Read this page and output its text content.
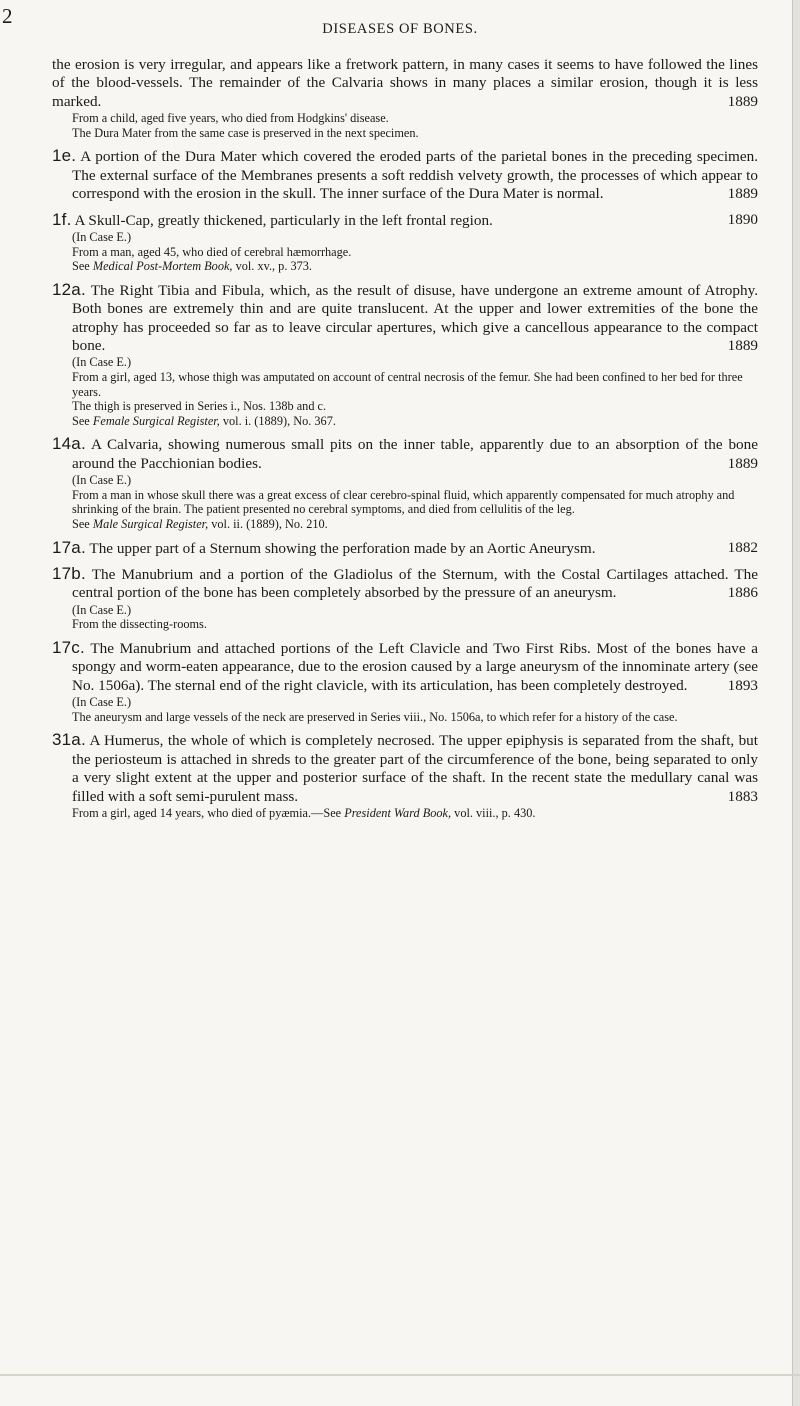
2
DISEASES OF BONES.

the erosion is very irregular, and appears like a fretwork pattern, in many cases it seems to have followed the lines of the blood-vessels. The remainder of the Calvaria shows in many places a similar erosion, though it is less marked.	1889

From a child, aged five years, who died from Hodgkins' disease.
The Dura Mater from the same case is preserved in the next specimen.

1e. A portion of the Dura Mater which covered the eroded parts of the parietal bones in the preceding specimen. The external surface of the Membranes presents a soft reddish velvety growth, the processes of which appear to correspond with the erosion in the skull. The inner surface of the Dura Mater is normal.	1889

1f. A Skull-Cap, greatly thickened, particularly in the left frontal region.	1890

(In Case E.)
From a man, aged 45, who died of cerebral hæmorrhage.
See Medical Post-Mortem Book, vol. xv., p. 373.

12a. The Right Tibia and Fibula, which, as the result of disuse, have undergone an extreme amount of Atrophy. Both bones are extremely thin and are quite translucent. At the upper and lower extremities of the bone the atrophy has proceeded so far as to leave circular apertures, which give a cancellous appearance to the compact bone.	1889

(In Case E.)
From a girl, aged 13, whose thigh was amputated on account of central necrosis of the femur. She had been confined to her bed for three years.
The thigh is preserved in Series i., Nos. 138b and c.
See Female Surgical Register, vol. i. (1889), No. 367.

14a. A Calvaria, showing numerous small pits on the inner table, apparently due to an absorption of the bone around the Pacchionian bodies.	1889

(In Case E.)
From a man in whose skull there was a great excess of clear cerebro-spinal fluid, which apparently compensated for much atrophy and shrinking of the brain. The patient presented no cerebral symptoms, and died from cellulitis of the leg.
See Male Surgical Register, vol. ii. (1889), No. 210.

17a. The upper part of a Sternum showing the perforation made by an Aortic Aneurysm.	1882

17b. The Manubrium and a portion of the Gladiolus of the Sternum, with the Costal Cartilages attached. The central portion of the bone has been completely absorbed by the pressure of an aneurysm.	1886

(In Case E.)
From the dissecting-rooms.

17c. The Manubrium and attached portions of the Left Clavicle and Two First Ribs. Most of the bones have a spongy and worm-eaten appearance, due to the erosion caused by a large aneurysm of the innominate artery (see No. 1506a). The sternal end of the right clavicle, with its articulation, has been completely destroyed.	1893

(In Case E.)
The aneurysm and large vessels of the neck are preserved in Series viii., No. 1506a, to which refer for a history of the case.

31a. A Humerus, the whole of which is completely necrosed. The upper epiphysis is separated from the shaft, but the periosteum is attached in shreds to the greater part of the circumference of the bone, being separated to only a very slight extent at the upper and posterior surface of the shaft. In the recent state the medullary canal was filled with a soft semi-purulent mass.	1883

From a girl, aged 14 years, who died of pyæmia.—See President Ward Book, vol. viii., p. 430.
